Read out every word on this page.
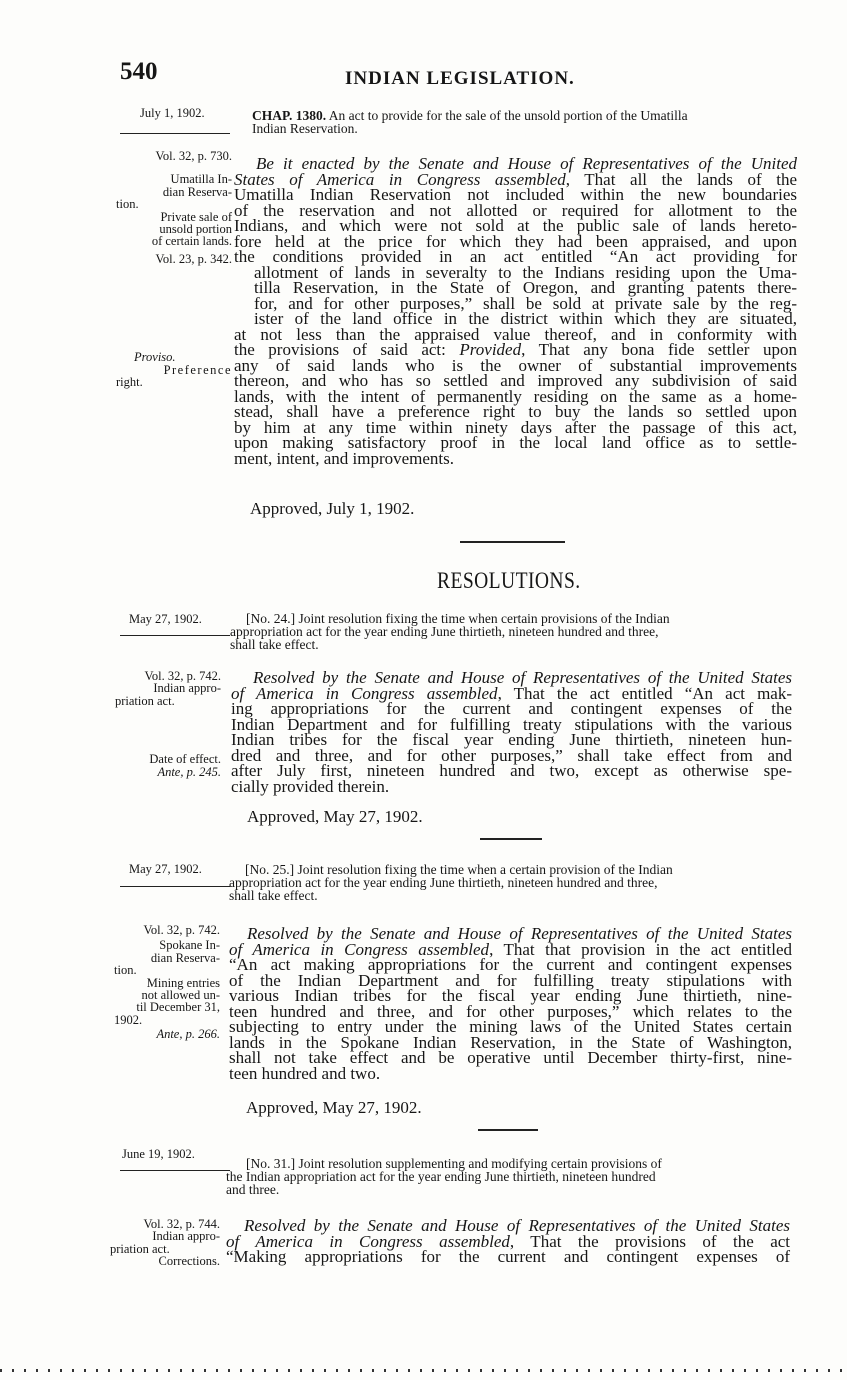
540	INDIAN LEGISLATION.
July 1, 1902.	CHAP. 1380. An act to provide for the sale of the unsold portion of the Umatilla
Indian Reservation.
Vol. 32, p. 730.
Umatilla In-
dian Reserva-
tion.
Private sale of
unsold portion
of certain lands.
Vol. 23, p. 342.
Proviso.
Preference
right.
Be it enacted by the Senate and House of Representatives of the United
States of America in Congress assembled, That all the lands of the
Umatilla Indian Reservation not included within the new boundaries
of the reservation and not allotted or required for allotment to the
Indians, and which were not sold at the public sale of lands hereto-
fore held at the price for which they had been appraised, and upon
the conditions provided in an act entitled “An act providing for
allotment of lands in severalty to the Indians residing upon the Uma-
tilla Reservation, in the State of Oregon, and granting patents there-
for, and for other purposes,” shall be sold at private sale by the reg-
ister of the land office in the district within which they are situated,
at not less than the appraised value thereof, and in conformity with
the provisions of said act: Provided, That any bona fide settler upon
any of said lands who is the owner of substantial improvements
thereon, and who has so settled and improved any subdivision of said
lands, with the intent of permanently residing on the same as a home-
stead, shall have a preference right to buy the lands so settled upon
by him at any time within ninety days after the passage of this act,
upon making satisfactory proof in the local land office as to settle-
ment, intent, and improvements.
Approved, July 1, 1902.
RESOLUTIONS.
May 27, 1902.	[No. 24.] Joint resolution fixing the time when certain provisions of the Indian
appropriation act for the year ending June thirtieth, nineteen hundred and three,
shall take effect.
Vol. 32, p. 742.
Indian appro-
priation act.
Date of effect.
Ante, p. 245.
Resolved by the Senate and House of Representatives of the United States
of America in Congress assembled, That the act entitled “An act mak-
ing appropriations for the current and contingent expenses of the
Indian Department and for fulfilling treaty stipulations with the various
Indian tribes for the fiscal year ending June thirtieth, nineteen hun-
dred and three, and for other purposes,” shall take effect from and
after July first, nineteen hundred and two, except as otherwise spe-
cially provided therein.
Approved, May 27, 1902.
May 27, 1902.	[No. 25.] Joint resolution fixing the time when a certain provision of the Indian
appropriation act for the year ending June thirtieth, nineteen hundred and three,
shall take effect.
Vol. 32, p. 742.
Spokane In-
dian Reserva-
tion.
Mining entries
not allowed un-
til December 31,
1902.
Ante, p. 266.
Resolved by the Senate and House of Representatives of the United States
of America in Congress assembled, That that provision in the act entitled
“An act making appropriations for the current and contingent expenses
of the Indian Department and for fulfilling treaty stipulations with
various Indian tribes for the fiscal year ending June thirtieth, nine-
teen hundred and three, and for other purposes,” which relates to the
subjecting to entry under the mining laws of the United States certain
lands in the Spokane Indian Reservation, in the State of Washington,
shall not take effect and be operative until December thirty-first, nine-
teen hundred and two.
Approved, May 27, 1902.
June 19, 1902.
[No. 31.] Joint resolution supplementing and modifying certain provisions of
the Indian appropriation act for the year ending June thirtieth, nineteen hundred
and three.
Vol. 32, p. 744.
Indian appro-
priation act.
Corrections.
Resolved by the Senate and House of Representatives of the United States
of America in Congress assembled, That the provisions of the act
“Making appropriations for the current and contingent expenses of
